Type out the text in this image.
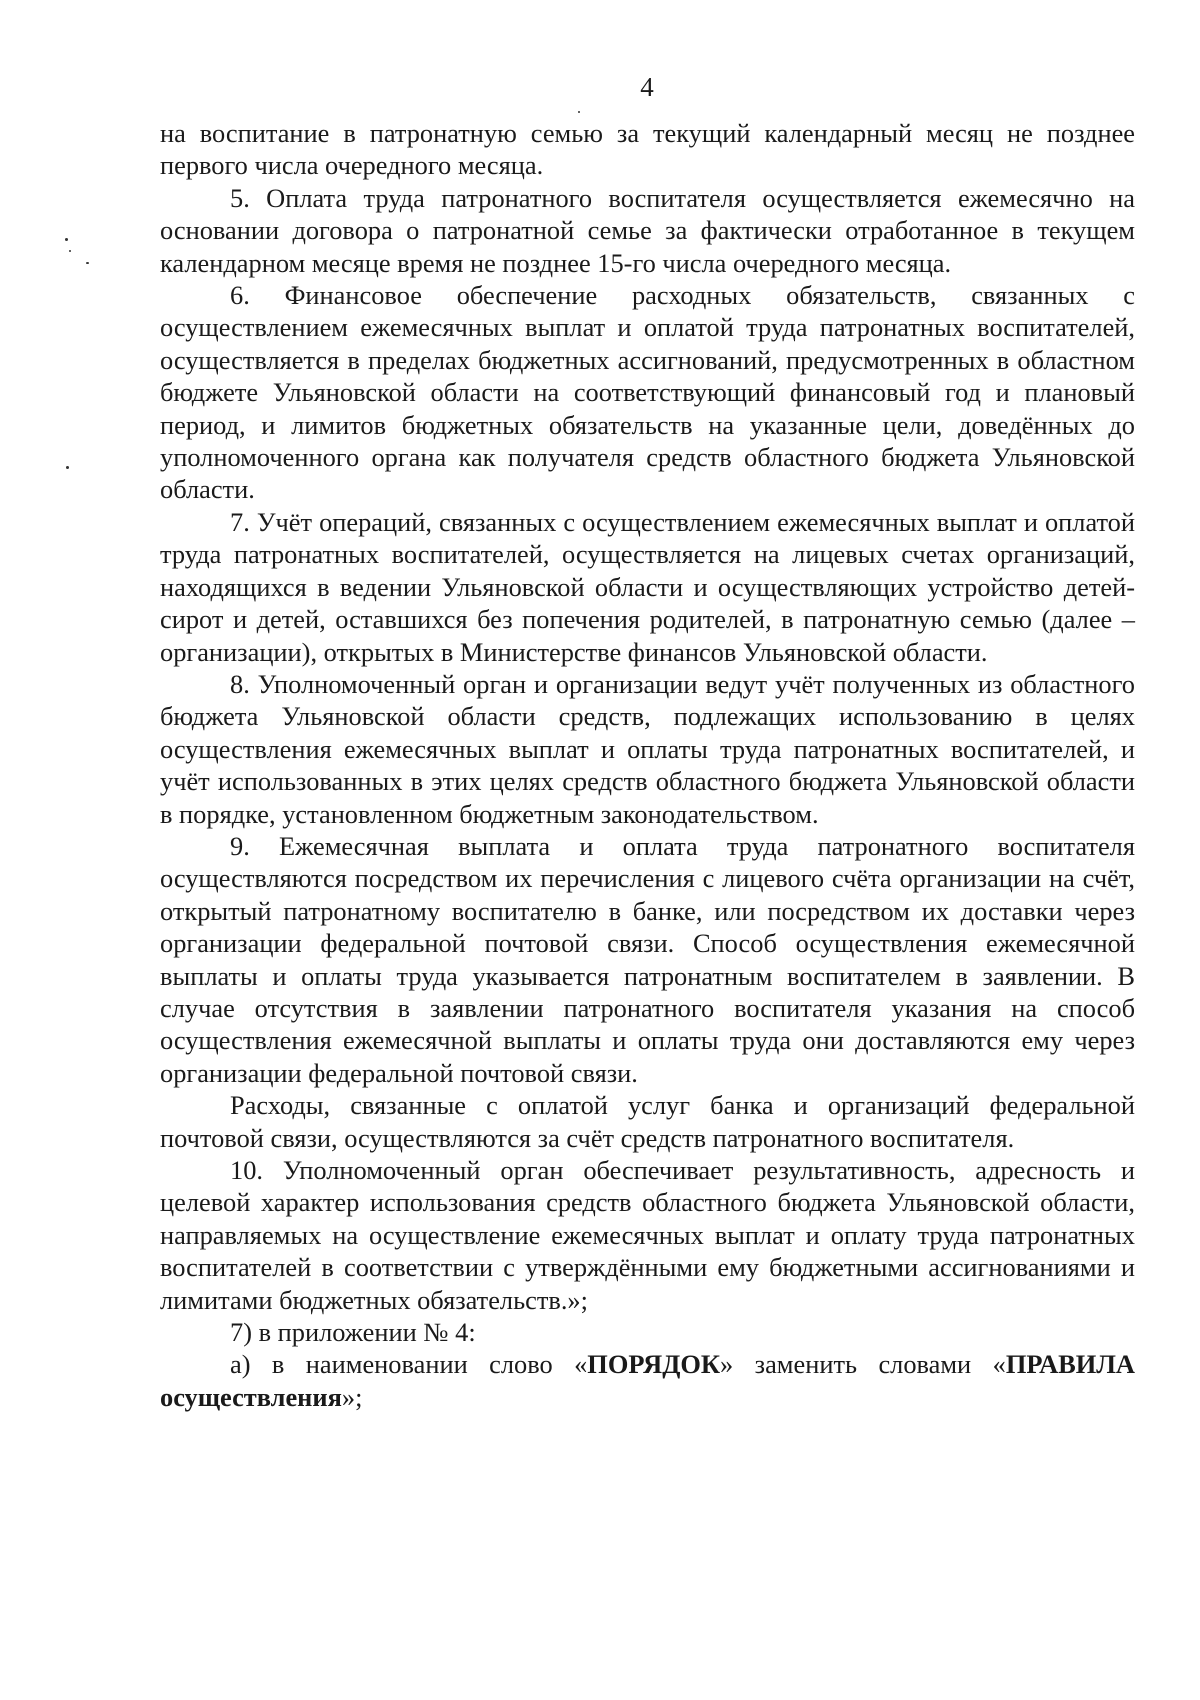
4

на воспитание в патронатную семью за текущий календарный месяц не позднее первого числа очередного месяца.

5. Оплата труда патронатного воспитателя осуществляется ежемесячно на основании договора о патронатной семье за фактически отработанное в текущем календарном месяце время не позднее 15-го числа очередного месяца.

6. Финансовое обеспечение расходных обязательств, связанных с осуществлением ежемесячных выплат и оплатой труда патронатных воспитателей, осуществляется в пределах бюджетных ассигнований, предусмотренных в областном бюджете Ульяновской области на соответствующий финансовый год и плановый период, и лимитов бюджетных обязательств на указанные цели, доведённых до уполномоченного органа как получателя средств областного бюджета Ульяновской области.

7. Учёт операций, связанных с осуществлением ежемесячных выплат и оплатой труда патронатных воспитателей, осуществляется на лицевых счетах организаций, находящихся в ведении Ульяновской области и осуществляющих устройство детей-сирот и детей, оставшихся без попечения родителей, в патронатную семью (далее – организации), открытых в Министерстве финансов Ульяновской области.

8. Уполномоченный орган и организации ведут учёт полученных из областного бюджета Ульяновской области средств, подлежащих использованию в целях осуществления ежемесячных выплат и оплаты труда патронатных воспитателей, и учёт использованных в этих целях средств областного бюджета Ульяновской области в порядке, установленном бюджетным законодательством.

9. Ежемесячная выплата и оплата труда патронатного воспитателя осуществляются посредством их перечисления с лицевого счёта организации на счёт, открытый патронатному воспитателю в банке, или посредством их доставки через организации федеральной почтовой связи. Способ осуществления ежемесячной выплаты и оплаты труда указывается патронатным воспитателем в заявлении. В случае отсутствия в заявлении патронатного воспитателя указания на способ осуществления ежемесячной выплаты и оплаты труда они доставляются ему через организации федеральной почтовой связи.

Расходы, связанные с оплатой услуг банка и организаций федеральной почтовой связи, осуществляются за счёт средств патронатного воспитателя.

10. Уполномоченный орган обеспечивает результативность, адресность и целевой характер использования средств областного бюджета Ульяновской области, направляемых на осуществление ежемесячных выплат и оплату труда патронатных воспитателей в соответствии с утверждёнными ему бюджетными ассигнованиями и лимитами бюджетных обязательств.»;

7) в приложении № 4:

а) в наименовании слово «ПОРЯДОК» заменить словами «ПРАВИЛА осуществления»;
